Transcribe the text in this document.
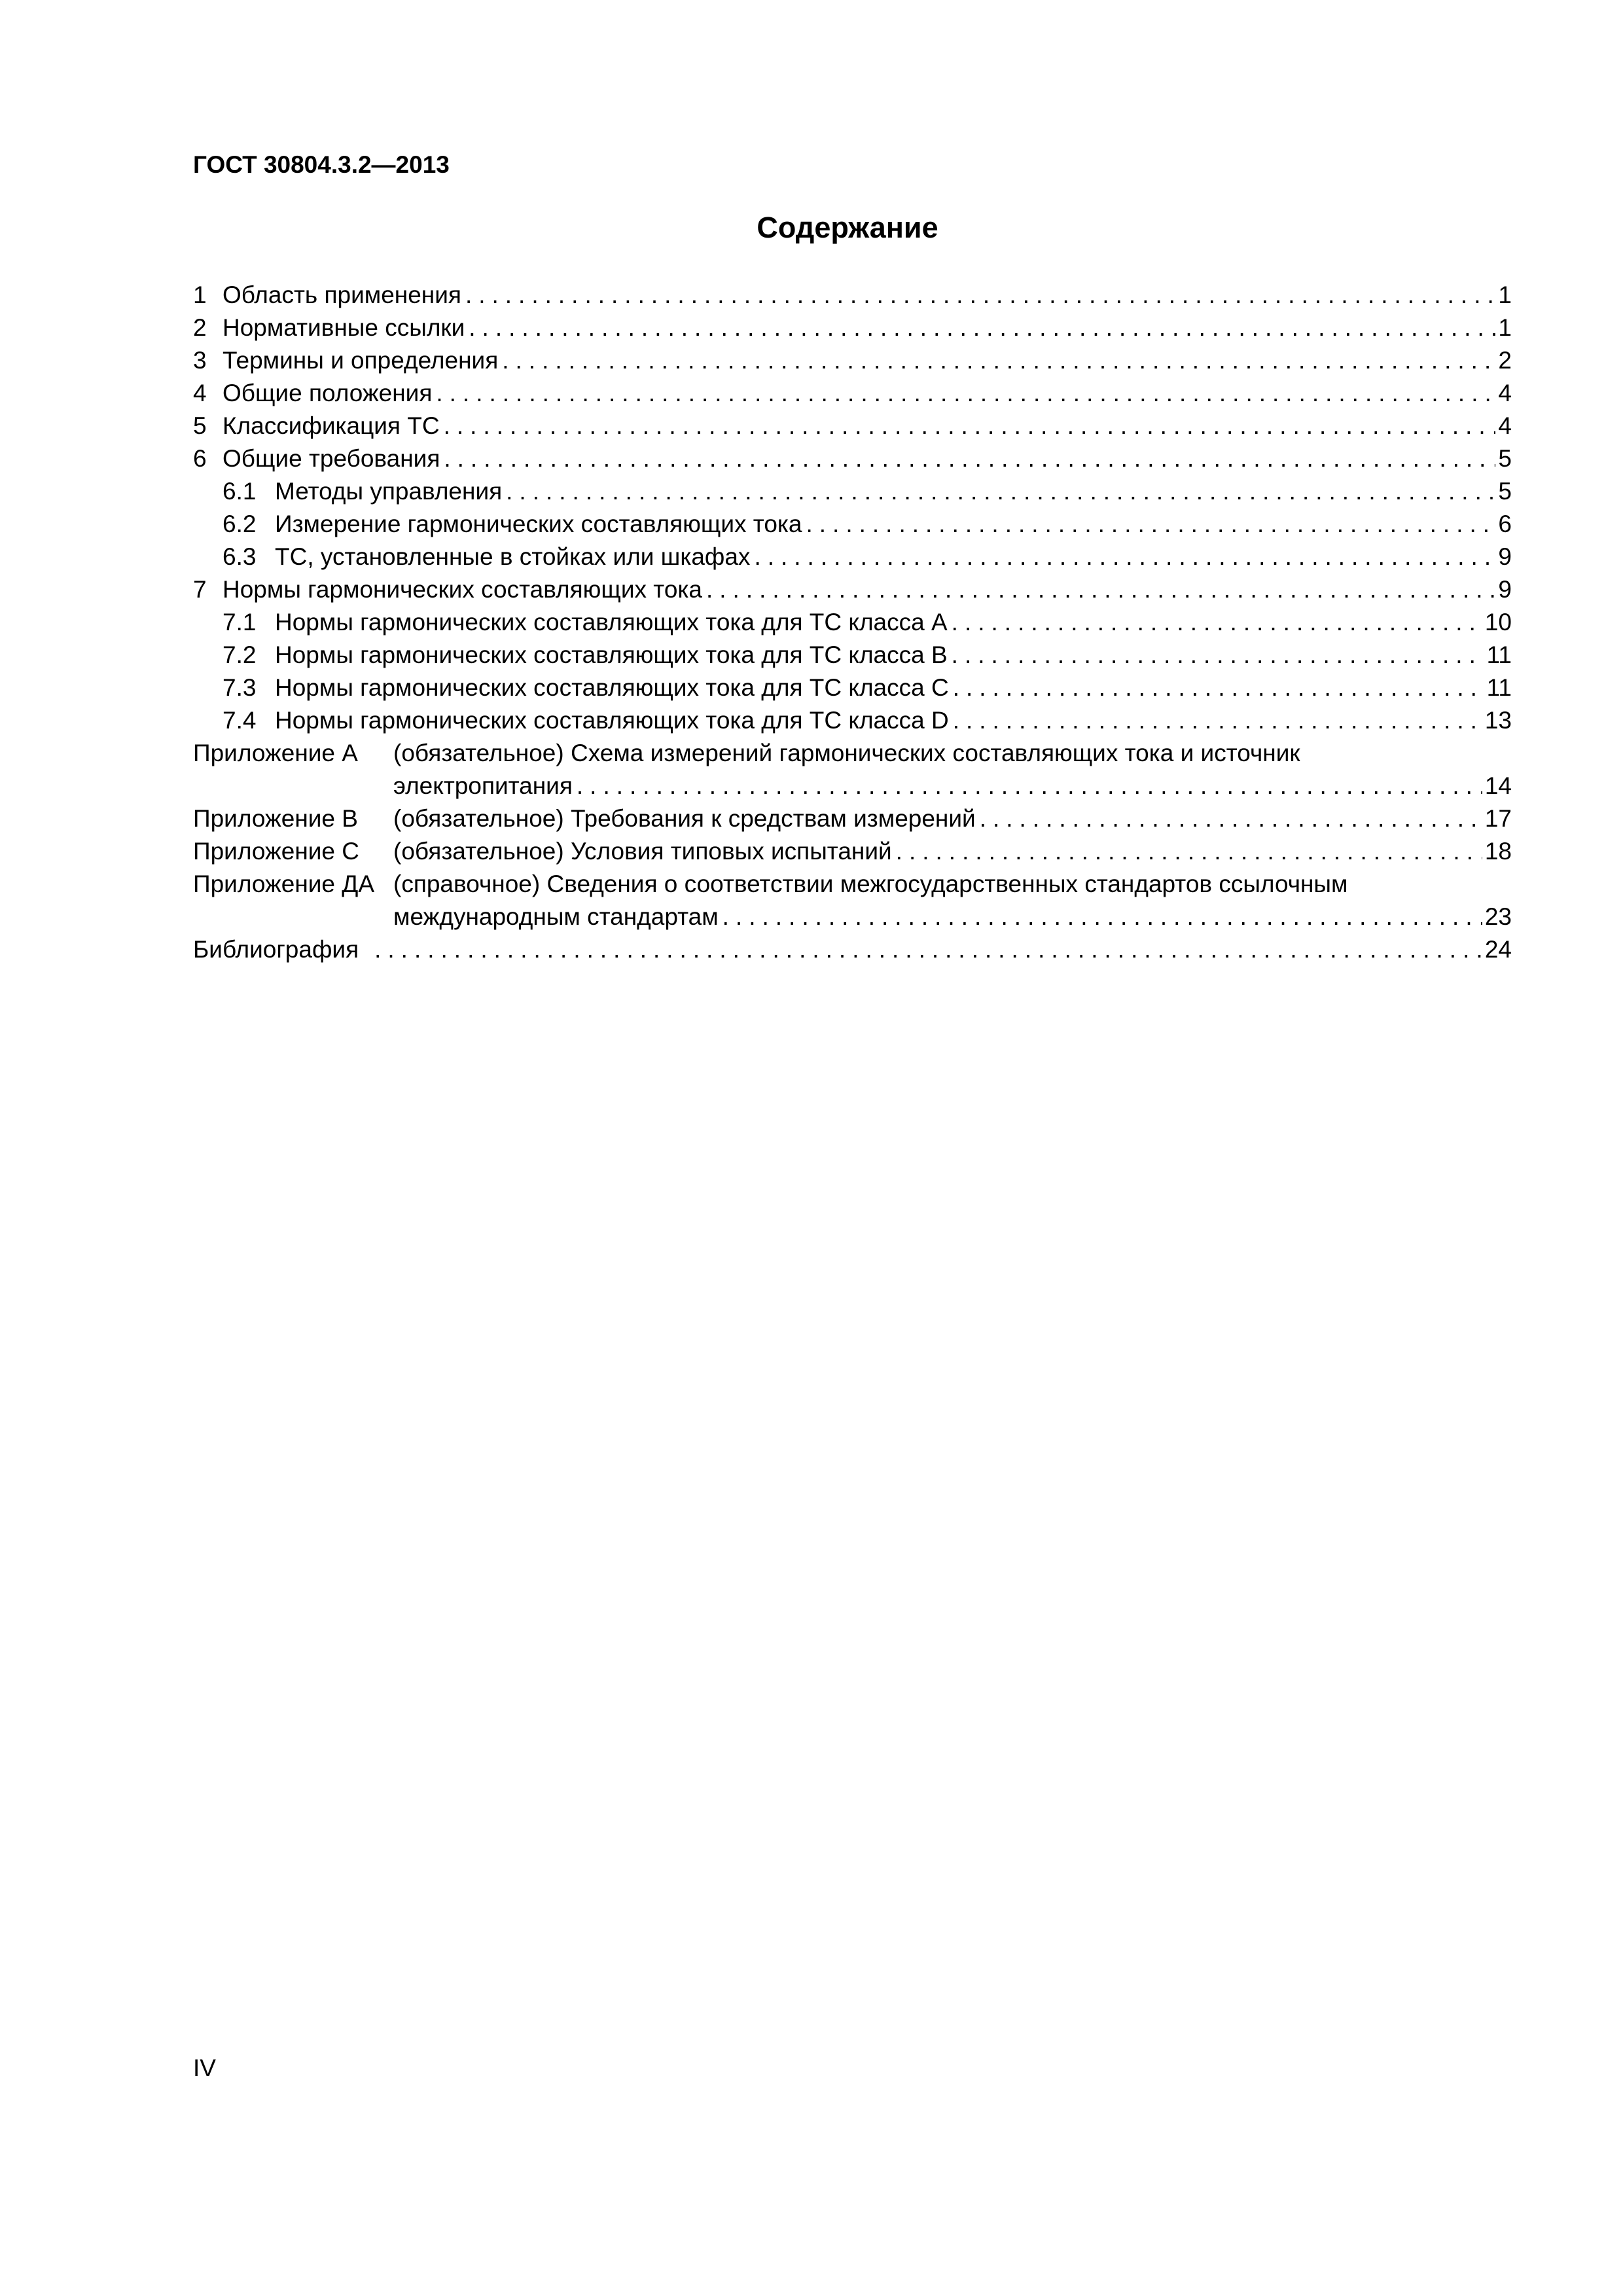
ГОСТ 30804.3.2—2013
Содержание
1 Область применения .....	1
2 Нормативные ссылки .....	1
3 Термины и определения .....	2
4 Общие положения .....	4
5 Классификация ТС .....	4
6 Общие требования .....	5
6.1 Методы управления .....	5
6.2 Измерение гармонических составляющих тока .....	6
6.3 ТС, установленные в стойках или шкафах .....	9
7 Нормы гармонических составляющих тока .....	9
7.1 Нормы гармонических составляющих тока для ТС класса А .....	10
7.2 Нормы гармонических составляющих тока для ТС класса В .....	11
7.3 Нормы гармонических составляющих тока для ТС класса С .....	11
7.4 Нормы гармонических составляющих тока для ТС класса D .....	13
Приложение А	(обязательное) Схема измерений гармонических составляющих тока и источник
электропитания .....	14
Приложение В	(обязательное) Требования к средствам измерений .....	17
Приложение С	(обязательное) Условия типовых испытаний .....	18
Приложение ДА (справочное) Сведения о соответствии межгосударственных стандартов ссылочным
международным стандартам .....	23
Библиография .....	24
IV
